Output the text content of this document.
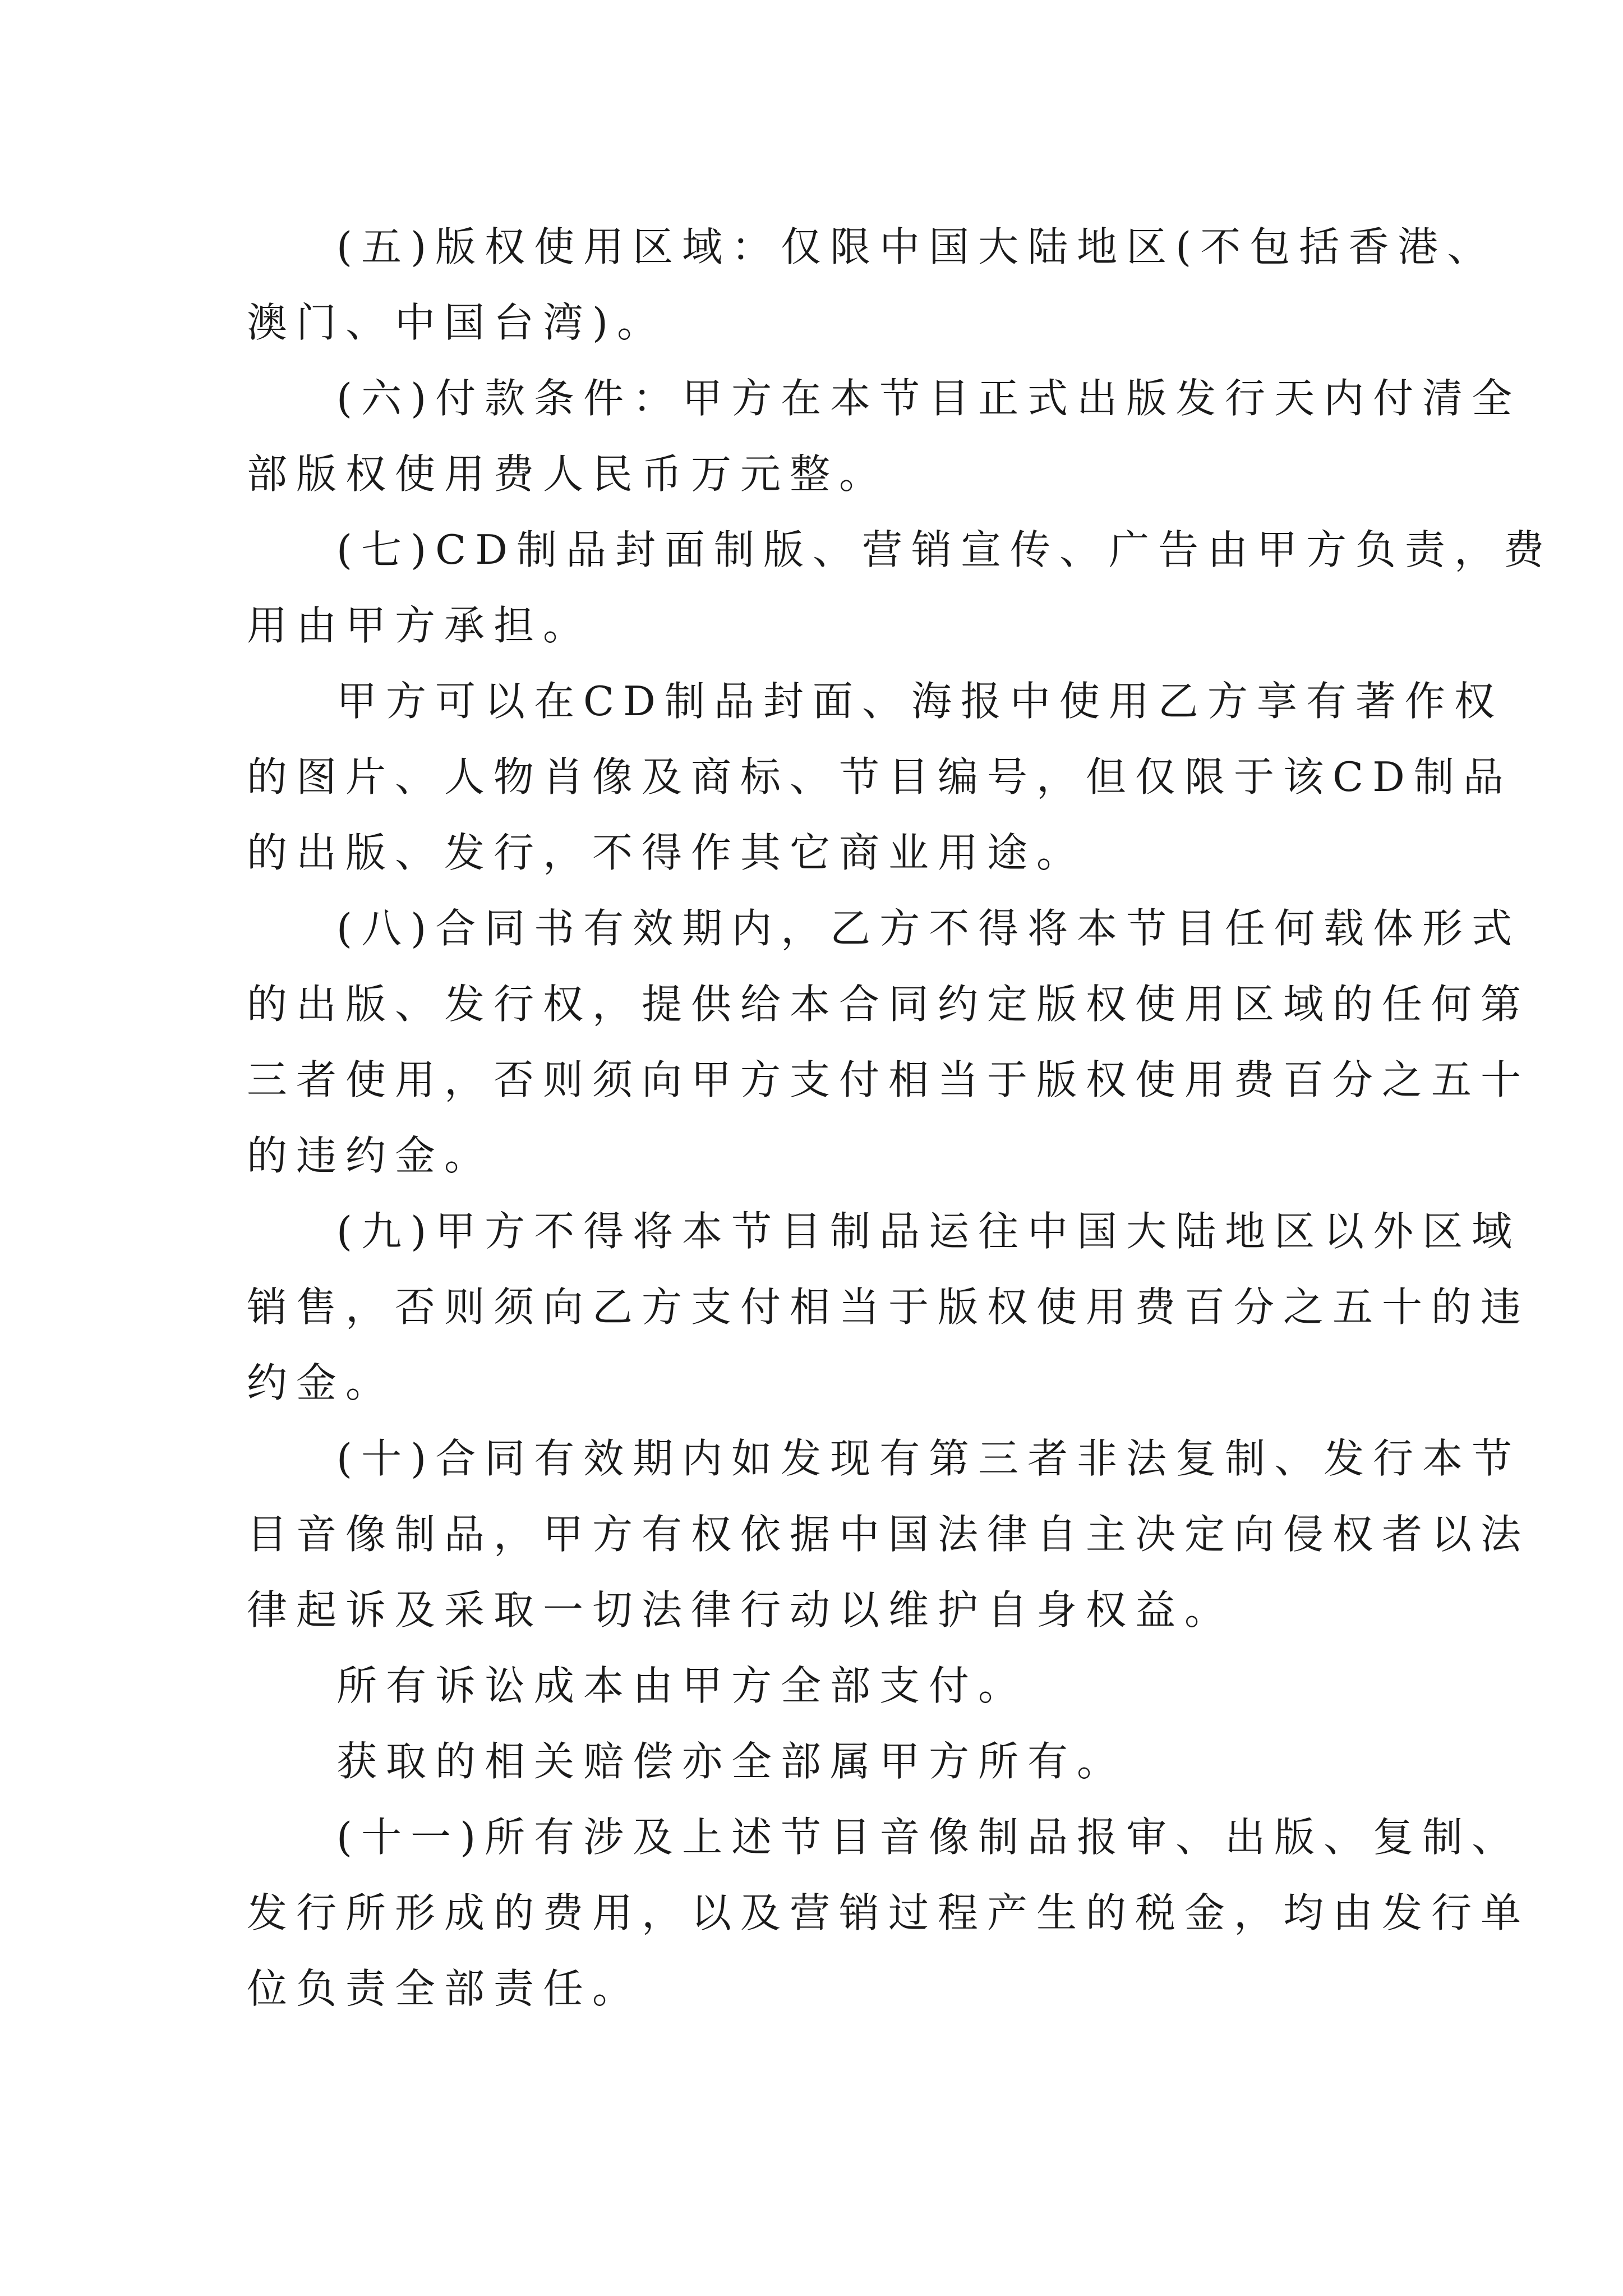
(五)版权使用区域：仅限中国大陆地区(不包括香港、
澳门、中国台湾)。
(六)付款条件：甲方在本节目正式出版发行天内付清全
部版权使用费人民币万元整。
(七)CD制品封面制版、营销宣传、广告由甲方负责，费
用由甲方承担。
甲方可以在CD制品封面、海报中使用乙方享有著作权
的图片、人物肖像及商标、节目编号，但仅限于该CD制品
的出版、发行，不得作其它商业用途。
(八)合同书有效期内，乙方不得将本节目任何载体形式
的出版、发行权，提供给本合同约定版权使用区域的任何第
三者使用，否则须向甲方支付相当于版权使用费百分之五十
的违约金。
(九)甲方不得将本节目制品运往中国大陆地区以外区域
销售，否则须向乙方支付相当于版权使用费百分之五十的违
约金。
(十)合同有效期内如发现有第三者非法复制、发行本节
目音像制品，甲方有权依据中国法律自主决定向侵权者以法
律起诉及采取一切法律行动以维护自身权益。
所有诉讼成本由甲方全部支付。
获取的相关赔偿亦全部属甲方所有。
(十一)所有涉及上述节目音像制品报审、出版、复制、
发行所形成的费用，以及营销过程产生的税金，均由发行单
位负责全部责任。
